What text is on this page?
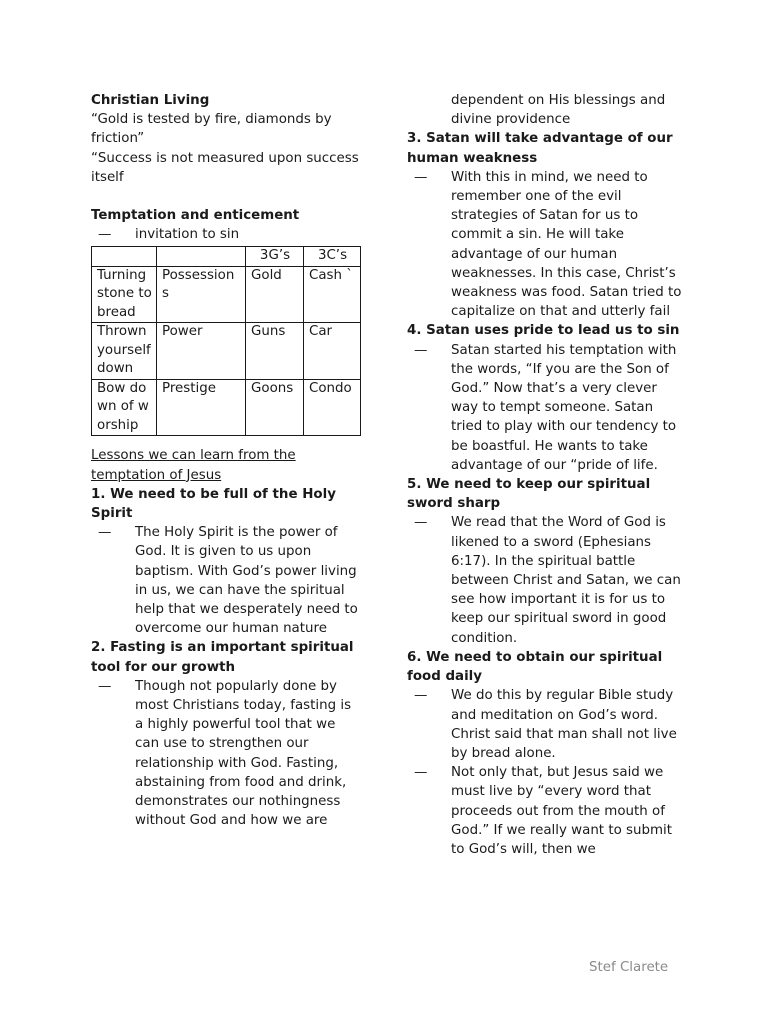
Christian Living
“Gold is tested by fire, diamonds by friction”
“Success is not measured upon success itself
Temptation and enticement
— invitation to sin
		3G’s	3C’s
Turning stone to bread	Possessions	Gold	Cash `
Thrown yourself down	Power	Guns	Car
Bow down of worship	Prestige	Goons	Condo
Lessons we can learn from the temptation of Jesus
1. We need to be full of the Holy Spirit
— The Holy Spirit is the power of God. It is given to us upon baptism. With God’s power living in us, we can have the spiritual help that we desperately need to overcome our human nature
2. Fasting is an important spiritual tool for our growth
— Though not popularly done by most Christians today, fasting is a highly powerful tool that we can use to strengthen our relationship with God. Fasting, abstaining from food and drink, demonstrates our nothingness without God and how we are
dependent on His blessings and divine providence
3. Satan will take advantage of our human weakness
— With this in mind, we need to remember one of the evil strategies of Satan for us to commit a sin. He will take advantage of our human weaknesses. In this case, Christ’s weakness was food. Satan tried to capitalize on that and utterly fail
4. Satan uses pride to lead us to sin
— Satan started his temptation with the words, “If you are the Son of God.” Now that’s a very clever way to tempt someone. Satan tried to play with our tendency to be boastful. He wants to take advantage of our “pride of life.
5. We need to keep our spiritual sword sharp
— We read that the Word of God is likened to a sword (Ephesians 6:17). In the spiritual battle between Christ and Satan, we can see how important it is for us to keep our spiritual sword in good condition.
6. We need to obtain our spiritual food daily
— We do this by regular Bible study and meditation on God’s word. Christ said that man shall not live by bread alone.
— Not only that, but Jesus said we must live by “every word that proceeds out from the mouth of God.” If we really want to submit to God’s will, then we
Stef Clarete
